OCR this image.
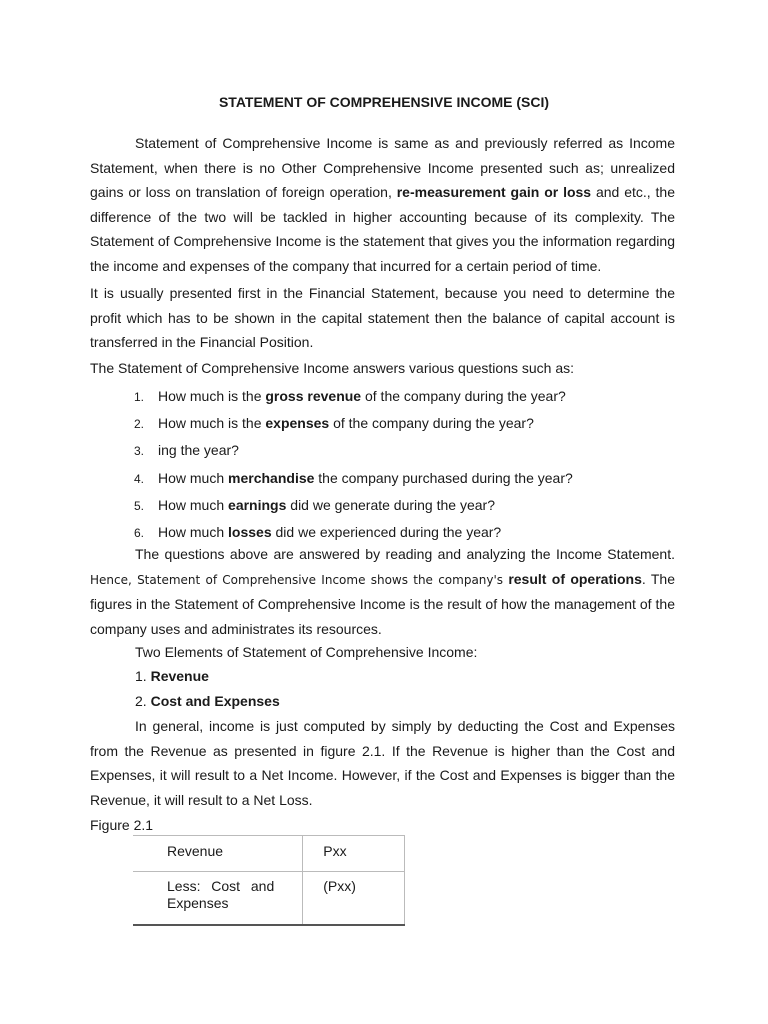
STATEMENT OF COMPREHENSIVE INCOME (SCI)

Statement of Comprehensive Income is same as and previously referred as Income Statement, when there is no Other Comprehensive Income presented such as; unrealized gains or loss on translation of foreign operation, re-measurement gain or loss and etc., the difference of the two will be tackled in higher accounting because of its complexity. The Statement of Comprehensive Income is the statement that gives you the information regarding the income and expenses of the company that incurred for a certain period of time.

It is usually presented first in the Financial Statement, because you need to determine the profit which has to be shown in the capital statement then the balance of capital account is transferred in the Financial Position.

The Statement of Comprehensive Income answers various questions such as:

1. How much is the gross revenue of the company during the year?
2. How much is the expenses of the company during the year?
3. ing the year?
4. How much merchandise the company purchased during the year?
5. How much earnings did we generate during the year?
6. How much losses did we experienced during the year?

The questions above are answered by reading and analyzing the Income Statement. Hence, Statement of Comprehensive Income shows the company's result of operations. The figures in the Statement of Comprehensive Income is the result of how the management of the company uses and administrates its resources.

Two Elements of Statement of Comprehensive Income:
1. Revenue
2. Cost and Expenses

In general, income is just computed by simply by deducting the Cost and Expenses from the Revenue as presented in figure 2.1. If the Revenue is higher than the Cost and Expenses, it will result to a Net Income. However, if the Cost and Expenses is bigger than the Revenue, it will result to a Net Loss.

Figure 2.1
Revenue	Pxx
Less: Cost and Expenses	(Pxx)
